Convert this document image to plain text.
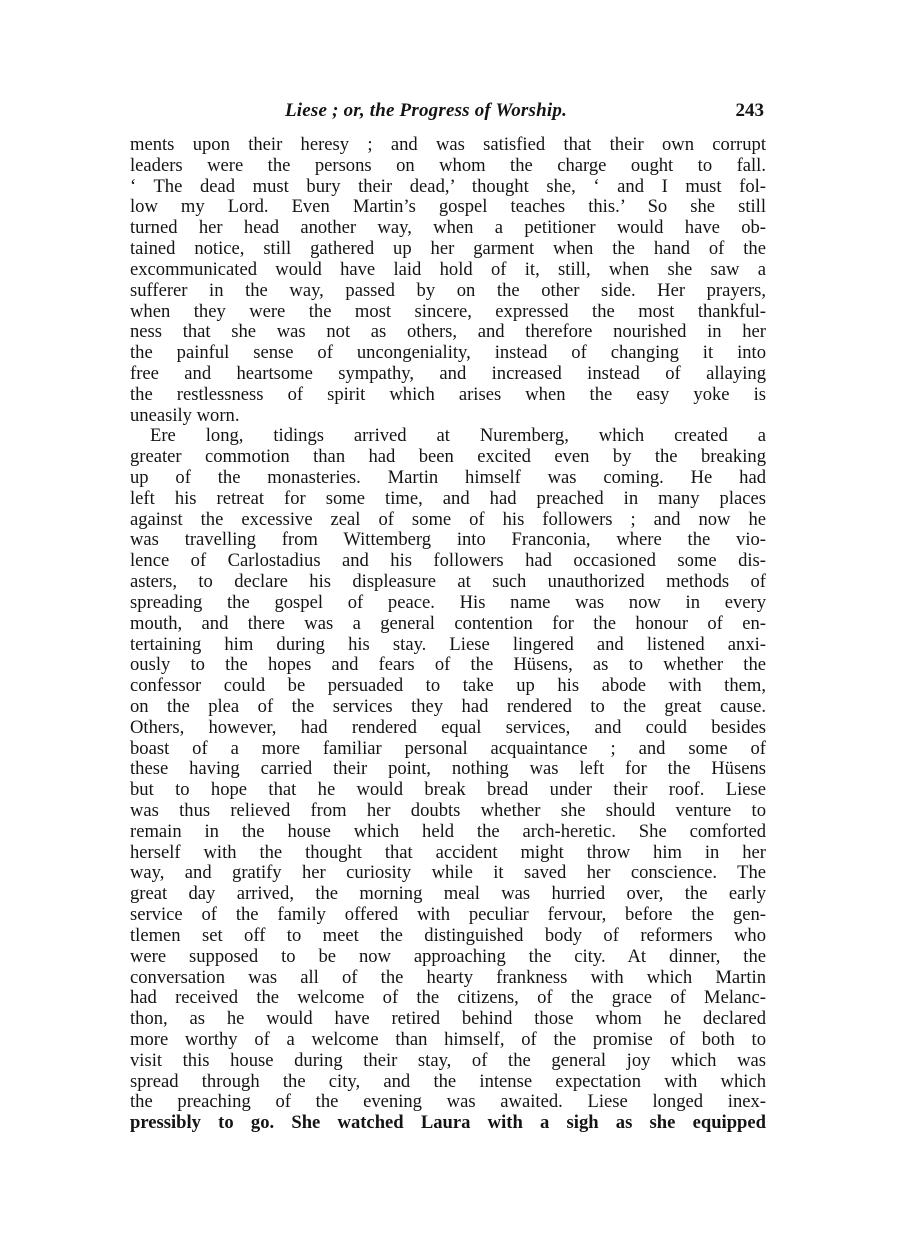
Liese ; or, the Progress of Worship.	243
ments upon their heresy ; and was satisfied that their own corrupt
leaders were the persons on whom the charge ought to fall.
‘ The dead must bury their dead,’ thought she, ‘ and I must fol-
low my Lord. Even Martin’s gospel teaches this.’ So she still
turned her head another way, when a petitioner would have ob-
tained notice, still gathered up her garment when the hand of the
excommunicated would have laid hold of it, still, when she saw a
sufferer in the way, passed by on the other side. Her prayers,
when they were the most sincere, expressed the most thankful-
ness that she was not as others, and therefore nourished in her
the painful sense of uncongeniality, instead of changing it into
free and heartsome sympathy, and increased instead of allaying
the restlessness of spirit which arises when the easy yoke is
uneasily worn.
Ere long, tidings arrived at Nuremberg, which created a
greater commotion than had been excited even by the breaking
up of the monasteries. Martin himself was coming. He had
left his retreat for some time, and had preached in many places
against the excessive zeal of some of his followers ; and now he
was travelling from Wittemberg into Franconia, where the vio-
lence of Carlostadius and his followers had occasioned some dis-
asters, to declare his displeasure at such unauthorized methods of
spreading the gospel of peace. His name was now in every
mouth, and there was a general contention for the honour of en-
tertaining him during his stay. Liese lingered and listened anxi-
ously to the hopes and fears of the Hüsens, as to whether the
confessor could be persuaded to take up his abode with them,
on the plea of the services they had rendered to the great cause.
Others, however, had rendered equal services, and could besides
boast of a more familiar personal acquaintance ; and some of
these having carried their point, nothing was left for the Hüsens
but to hope that he would break bread under their roof. Liese
was thus relieved from her doubts whether she should venture to
remain in the house which held the arch-heretic. She comforted
herself with the thought that accident might throw him in her
way, and gratify her curiosity while it saved her conscience. The
great day arrived, the morning meal was hurried over, the early
service of the family offered with peculiar fervour, before the gen-
tlemen set off to meet the distinguished body of reformers who
were supposed to be now approaching the city. At dinner, the
conversation was all of the hearty frankness with which Martin
had received the welcome of the citizens, of the grace of Melanc-
thon, as he would have retired behind those whom he declared
more worthy of a welcome than himself, of the promise of both to
visit this house during their stay, of the general joy which was
spread through the city, and the intense expectation with which
the preaching of the evening was awaited. Liese longed inex-
pressibly to go. She watched Laura with a sigh as she equipped
